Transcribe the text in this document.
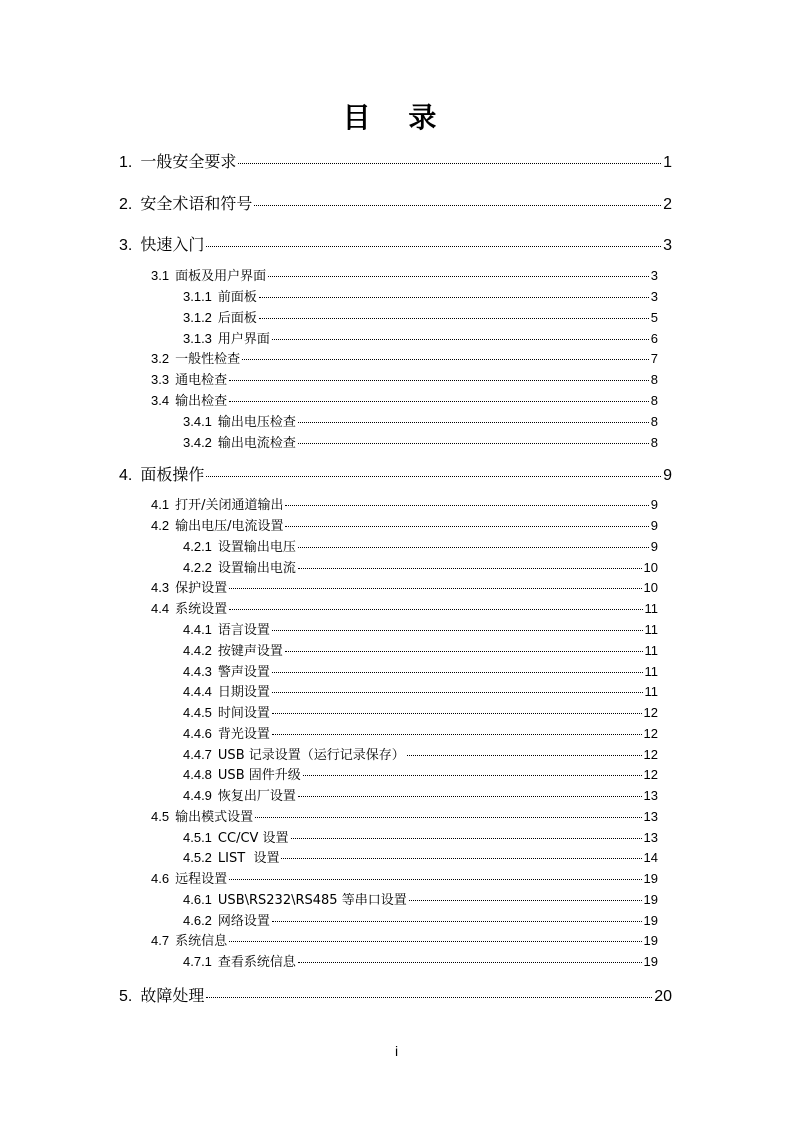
目 录
1. 一般安全要求	1
2. 安全术语和符号	2
3. 快速入门	3
3.1 面板及用户界面	3
3.1.1 前面板	3
3.1.2 后面板	5
3.1.3 用户界面	6
3.2 一般性检查	7
3.3 通电检查	8
3.4 输出检查	8
3.4.1 输出电压检查	8
3.4.2 输出电流检查	8
4. 面板操作	9
4.1 打开/关闭通道输出	9
4.2 输出电压/电流设置	9
4.2.1 设置输出电压	9
4.2.2 设置输出电流	10
4.3 保护设置	10
4.4 系统设置	11
4.4.1 语言设置	11
4.4.2 按键声设置	11
4.4.3 警声设置	11
4.4.4 日期设置	11
4.4.5 时间设置	12
4.4.6 背光设置	12
4.4.7 USB 记录设置（运行记录保存）	12
4.4.8 USB 固件升级	12
4.4.9 恢复出厂设置	13
4.5 输出模式设置	13
4.5.1 CC/CV 设置	13
4.5.2 LIST  设置	14
4.6 远程设置	19
4.6.1 USB\RS232\RS485 等串口设置	19
4.6.2 网络设置	19
4.7 系统信息	19
4.7.1 查看系统信息	19
5. 故障处理	20
i
